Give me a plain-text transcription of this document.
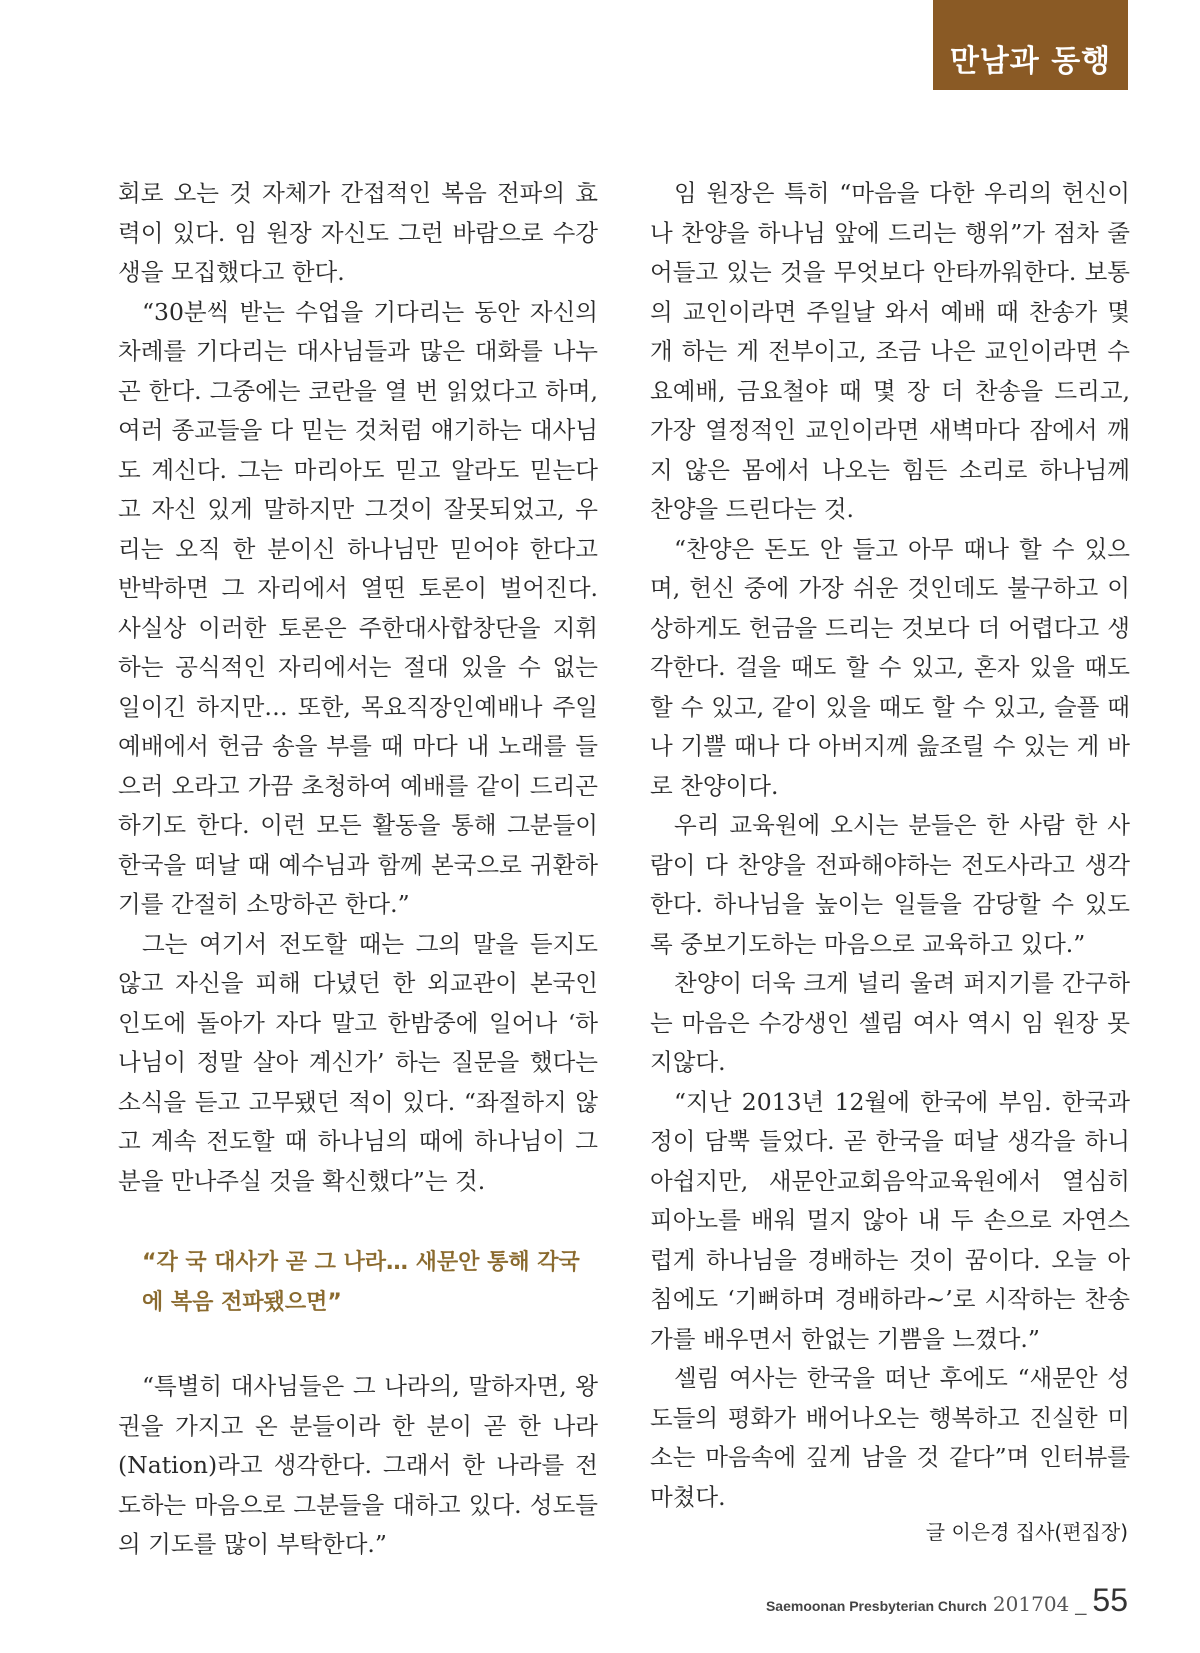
만남과 동행

회로 오는 것 자체가 간접적인 복음 전파의 효력이 있다. 임 원장 자신도 그런 바람으로 수강생을 모집했다고 한다.

“30분씩 받는 수업을 기다리는 동안 자신의 차례를 기다리는 대사님들과 많은 대화를 나누곤 한다. 그중에는 코란을 열 번 읽었다고 하며, 여러 종교들을 다 믿는 것처럼 얘기하는 대사님도 계신다. 그는 마리아도 믿고 알라도 믿는다고 자신 있게 말하지만 그것이 잘못되었고, 우리는 오직 한 분이신 하나님만 믿어야 한다고 반박하면 그 자리에서 열띤 토론이 벌어진다. 사실상 이러한 토론은 주한대사합창단을 지휘하는 공식적인 자리에서는 절대 있을 수 없는 일이긴 하지만… 또한, 목요직장인예배나 주일예배에서 헌금 송을 부를 때 마다 내 노래를 들으러 오라고 가끔 초청하여 예배를 같이 드리곤 하기도 한다. 이런 모든 활동을 통해 그분들이 한국을 떠날 때 예수님과 함께 본국으로 귀환하기를 간절히 소망하곤 한다.”

그는 여기서 전도할 때는 그의 말을 듣지도 않고 자신을 피해 다녔던 한 외교관이 본국인 인도에 돌아가 자다 말고 한밤중에 일어나 ‘하나님이 정말 살아 계신가’ 하는 질문을 했다는 소식을 듣고 고무됐던 적이 있다. “좌절하지 않고 계속 전도할 때 하나님의 때에 하나님이 그 분을 만나주실 것을 확신했다”는 것.

“각 국 대사가 곧 그 나라… 새문안 통해 각국에 복음 전파됐으면”

“특별히 대사님들은 그 나라의, 말하자면, 왕권을 가지고 온 분들이라 한 분이 곧 한 나라(Nation)라고 생각한다. 그래서 한 나라를 전도하는 마음으로 그분들을 대하고 있다. 성도들의 기도를 많이 부탁한다.”

임 원장은 특히 “마음을 다한 우리의 헌신이나 찬양을 하나님 앞에 드리는 행위”가 점차 줄어들고 있는 것을 무엇보다 안타까워한다. 보통의 교인이라면 주일날 와서 예배 때 찬송가 몇 개 하는 게 전부이고, 조금 나은 교인이라면 수요예배, 금요철야 때 몇 장 더 찬송을 드리고, 가장 열정적인 교인이라면 새벽마다 잠에서 깨지 않은 몸에서 나오는 힘든 소리로 하나님께 찬양을 드린다는 것.

“찬양은 돈도 안 들고 아무 때나 할 수 있으며, 헌신 중에 가장 쉬운 것인데도 불구하고 이상하게도 헌금을 드리는 것보다 더 어렵다고 생각한다. 걸을 때도 할 수 있고, 혼자 있을 때도 할 수 있고, 같이 있을 때도 할 수 있고, 슬플 때나 기쁠 때나 다 아버지께 읊조릴 수 있는 게 바로 찬양이다.

우리 교육원에 오시는 분들은 한 사람 한 사람이 다 찬양을 전파해야하는 전도사라고 생각한다. 하나님을 높이는 일들을 감당할 수 있도록 중보기도하는 마음으로 교육하고 있다.”

찬양이 더욱 크게 널리 울려 퍼지기를 간구하는 마음은 수강생인 셀림 여사 역시 임 원장 못지않다.

“지난 2013년 12월에 한국에 부임. 한국과 정이 담뿍 들었다. 곧 한국을 떠날 생각을 하니 아쉽지만, 새문안교회음악교육원에서 열심히 피아노를 배워 멀지 않아 내 두 손으로 자연스럽게 하나님을 경배하는 것이 꿈이다. 오늘 아침에도 ‘기뻐하며 경배하라~’로 시작하는 찬송가를 배우면서 한없는 기쁨을 느꼈다.”

셀림 여사는 한국을 떠난 후에도 “새문안 성도들의 평화가 배어나오는 행복하고 진실한 미소는 마음속에 깊게 남을 것 같다”며 인터뷰를 마쳤다.

글 이은경 집사(편집장)
Saemoonan Presbyterian Church 201704 _ 55
